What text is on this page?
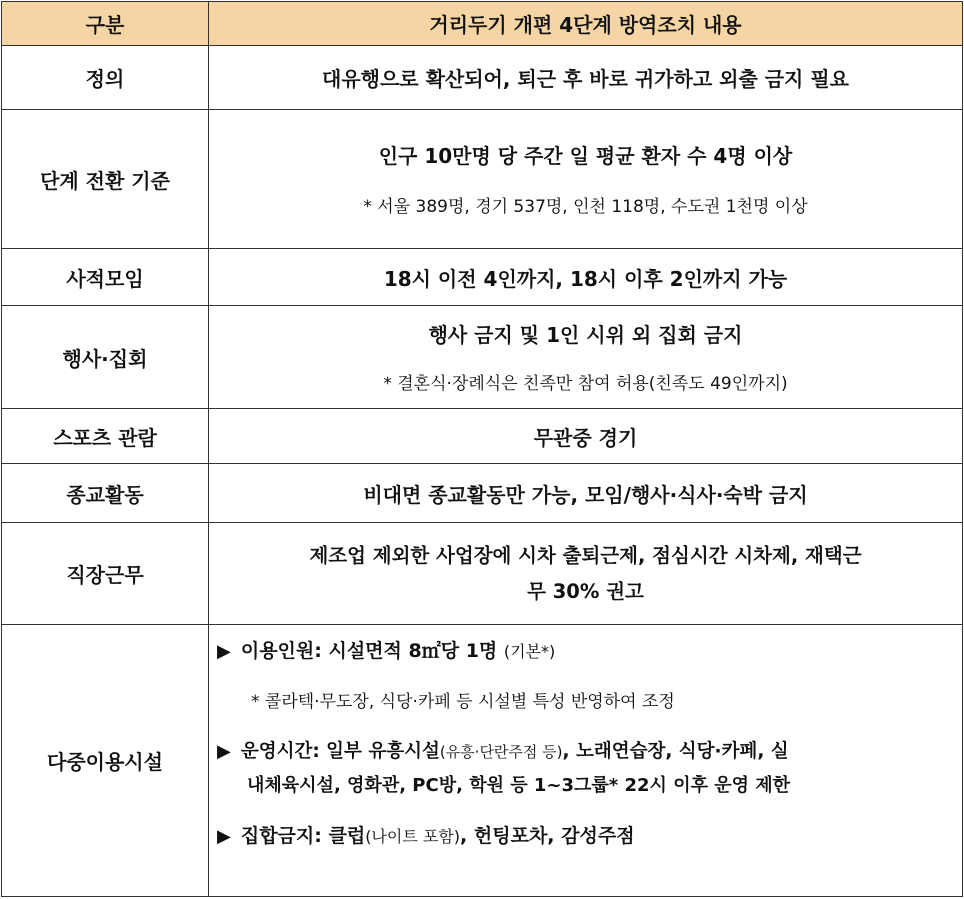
구분	거리두기 개편 4단계 방역조치 내용
정의	대유행으로 확산되어, 퇴근 후 바로 귀가하고 외출 금지 필요
단계 전환 기준	인구 10만명 당 주간 일 평균 환자 수 4명 이상
* 서울 389명, 경기 537명, 인천 118명, 수도권 1천명 이상

사적모임	18시 이전 4인까지, 18시 이후 2인까지 가능
행사·집회	행사 금지 및 1인 시위 외 집회 금지
* 결혼식·장례식은 친족만 참여 허용(친족도 49인까지)

스포츠 관람	무관중 경기
종교활동	비대면 종교활동만 가능, 모임/행사·식사·숙박 금지
직장근무	제조업 제외한 사업장에 시차 출퇴근제, 점심시간 시차제, 재택근
무 30% 권고

다중이용시설	▶ 이용인원: 시설면적 8㎡당 1명 (기본*)
* 콜라텍·무도장, 식당·카페 등 시설별 특성 반영하여 조정
▶ 운영시간: 일부 유흥시설(유흥·단란주점 등), 노래연습장, 식당·카페, 실
내체육시설, 영화관, PC방, 학원 등 1~3그룹* 22시 이후 운영 제한
▶ 집합금지: 클럽(나이트 포함), 헌팅포차, 감성주점
